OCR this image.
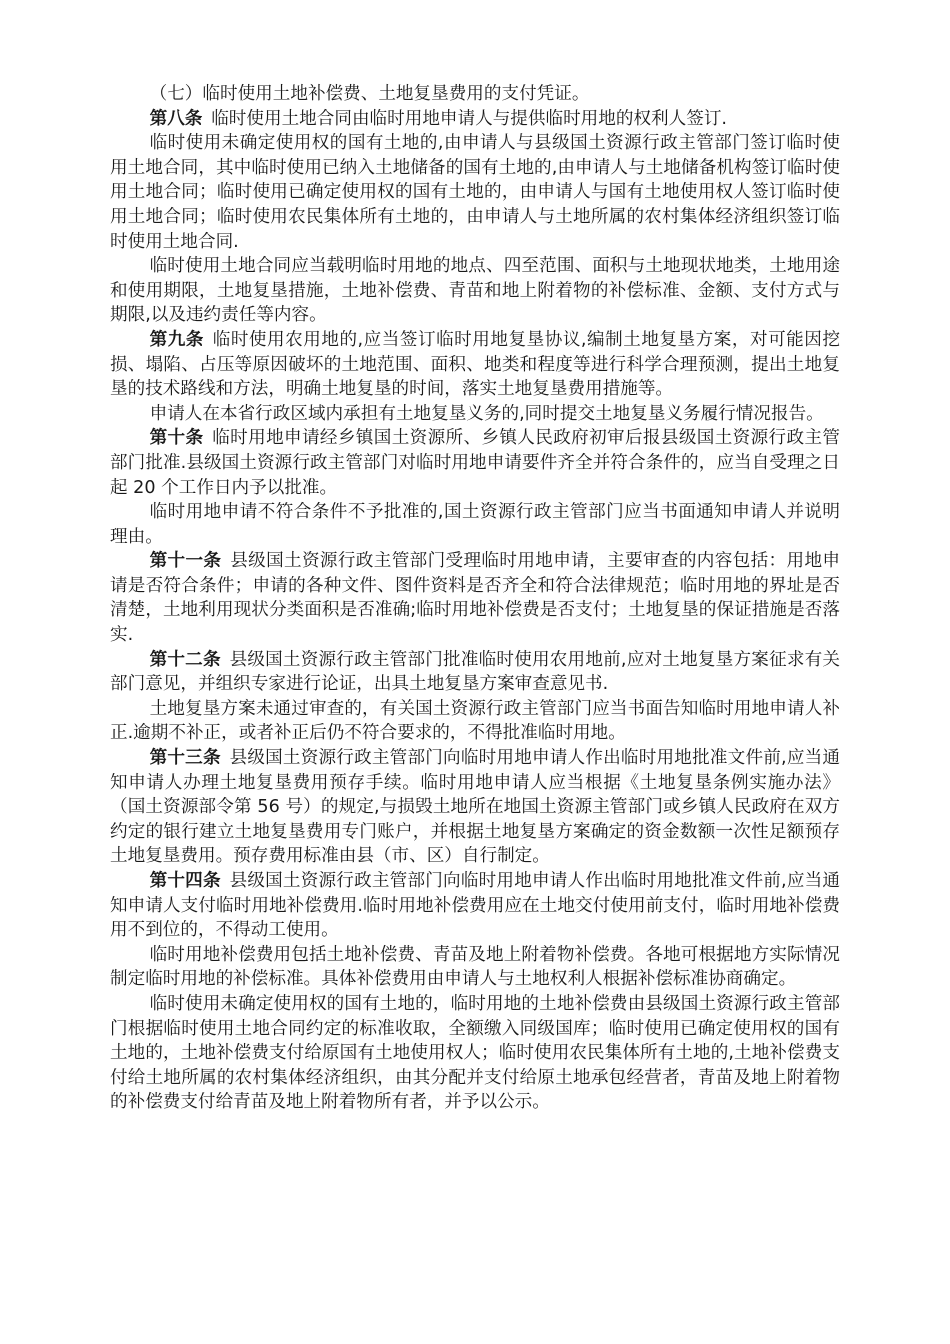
（七）临时使用土地补偿费、土地复垦费用的支付凭证。

第八条 临时使用土地合同由临时用地申请人与提供临时用地的权利人签订.

临时使用未确定使用权的国有土地的,由申请人与县级国土资源行政主管部门签订临时使用土地合同，其中临时使用已纳入土地储备的国有土地的,由申请人与土地储备机构签订临时使用土地合同；临时使用已确定使用权的国有土地的，由申请人与国有土地使用权人签订临时使用土地合同；临时使用农民集体所有土地的，由申请人与土地所属的农村集体经济组织签订临时使用土地合同.

临时使用土地合同应当载明临时用地的地点、四至范围、面积与土地现状地类，土地用途和使用期限，土地复垦措施，土地补偿费、青苗和地上附着物的补偿标准、金额、支付方式与期限,以及违约责任等内容。

第九条 临时使用农用地的,应当签订临时用地复垦协议,编制土地复垦方案，对可能因挖损、塌陷、占压等原因破坏的土地范围、面积、地类和程度等进行科学合理预测，提出土地复垦的技术路线和方法，明确土地复垦的时间，落实土地复垦费用措施等。

申请人在本省行政区域内承担有土地复垦义务的,同时提交土地复垦义务履行情况报告。

第十条 临时用地申请经乡镇国土资源所、乡镇人民政府初审后报县级国土资源行政主管部门批准.县级国土资源行政主管部门对临时用地申请要件齐全并符合条件的，应当自受理之日起 20 个工作日内予以批准。

临时用地申请不符合条件不予批准的,国土资源行政主管部门应当书面通知申请人并说明理由。

第十一条 县级国土资源行政主管部门受理临时用地申请，主要审查的内容包括：用地申请是否符合条件；申请的各种文件、图件资料是否齐全和符合法律规范；临时用地的界址是否清楚，土地利用现状分类面积是否准确;临时用地补偿费是否支付；土地复垦的保证措施是否落实.

第十二条 县级国土资源行政主管部门批准临时使用农用地前,应对土地复垦方案征求有关部门意见，并组织专家进行论证，出具土地复垦方案审查意见书.

土地复垦方案未通过审查的，有关国土资源行政主管部门应当书面告知临时用地申请人补正.逾期不补正，或者补正后仍不符合要求的，不得批准临时用地。

第十三条 县级国土资源行政主管部门向临时用地申请人作出临时用地批准文件前,应当通知申请人办理土地复垦费用预存手续。临时用地申请人应当根据《土地复垦条例实施办法》（国土资源部令第 56 号）的规定,与损毁土地所在地国土资源主管部门或乡镇人民政府在双方约定的银行建立土地复垦费用专门账户，并根据土地复垦方案确定的资金数额一次性足额预存土地复垦费用。预存费用标准由县（市、区）自行制定。

第十四条 县级国土资源行政主管部门向临时用地申请人作出临时用地批准文件前,应当通知申请人支付临时用地补偿费用.临时用地补偿费用应在土地交付使用前支付，临时用地补偿费用不到位的，不得动工使用。

临时用地补偿费用包括土地补偿费、青苗及地上附着物补偿费。各地可根据地方实际情况制定临时用地的补偿标准。具体补偿费用由申请人与土地权利人根据补偿标准协商确定。

临时使用未确定使用权的国有土地的，临时用地的土地补偿费由县级国土资源行政主管部门根据临时使用土地合同约定的标准收取，全额缴入同级国库；临时使用已确定使用权的国有土地的，土地补偿费支付给原国有土地使用权人；临时使用农民集体所有土地的,土地补偿费支付给土地所属的农村集体经济组织，由其分配并支付给原土地承包经营者，青苗及地上附着物的补偿费支付给青苗及地上附着物所有者，并予以公示。
